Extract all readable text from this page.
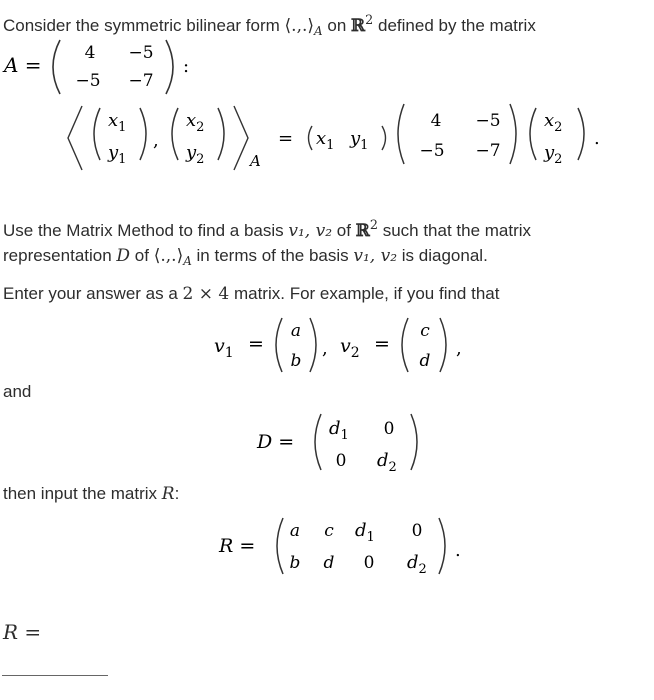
Consider the symmetric bilinear form $⟨.,.⟩_A$ on ℝ$^2$ defined by the matrix
A =	4 −5
−5 −7
:
$x_1$
$y_1$
,
$x_2$
$y_2$	A
= $x_1$ $y_1$
4 −5
−5 −7
$x_2$
$y_2$
.
Use the Matrix Method to find a basis v₁, v₂ of ℝ$^2$ such that the matrix
representation D of $⟨.,.⟩_A$ in terms of the basis v₁, v₂ is diagonal.
Enter your answer as a 2 × 4 matrix. For example, if you find that
$v_1$ =
a
b
, $v_2$ =
c
d
,
and
D =
$d_1$ 0
0 $d_2$
then input the matrix R:
R =
a c $d_1$ 0
b d 0 $d_2$
.
R =
